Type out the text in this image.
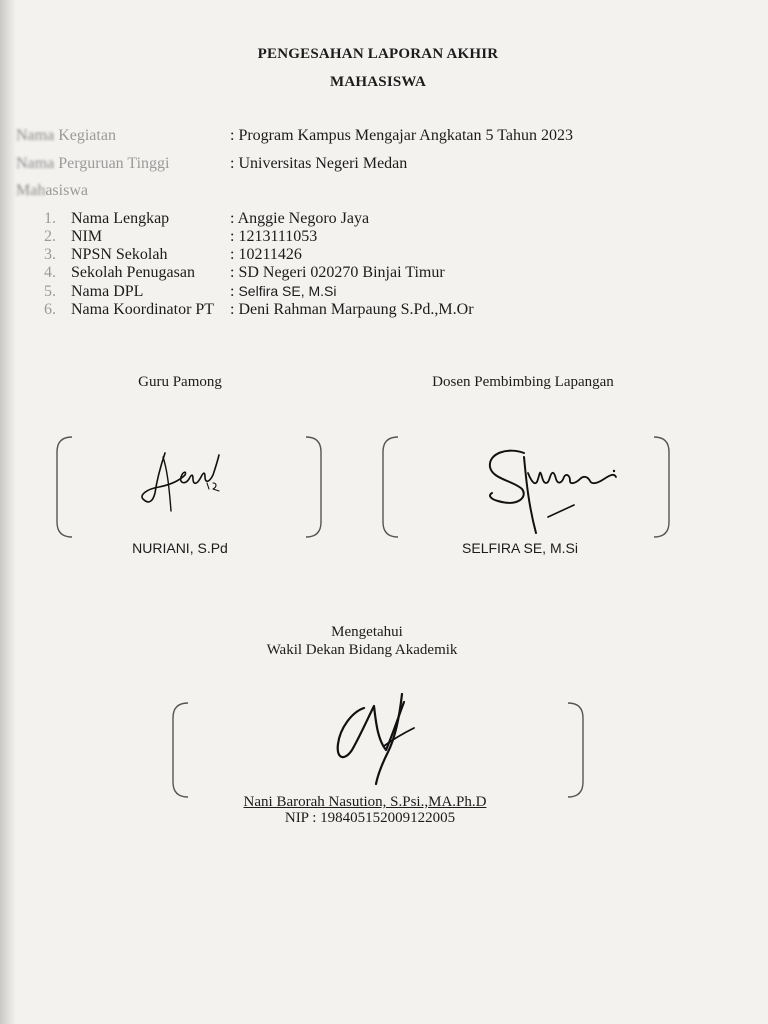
PENGESAHAN LAPORAN AKHIR
MAHASISWA
Nama Kegiatan	: Program Kampus Mengajar Angkatan 5 Tahun 2023
Nama Perguruan Tinggi	: Universitas Negeri Medan
Mahasiswa
1. Nama Lengkap	: Anggie Negoro Jaya
2. NIM	: 1213111053
3. NPSN Sekolah	: 10211426
4. Sekolah Penugasan : SD Negeri 020270 Binjai Timur
5. Nama DPL	: Selfira SE, M.Si
6. Nama Koordinator PT : Deni Rahman Marpaung S.Pd.,M.Or
Guru Pamong	Dosen Pembimbing Lapangan
NURIANI, S.Pd	SELFIRA SE, M.Si
Mengetahui
Wakil Dekan Bidang Akademik
Nani Barorah Nasution, S.Psi.,MA.Ph.D
NIP : 198405152009122005
